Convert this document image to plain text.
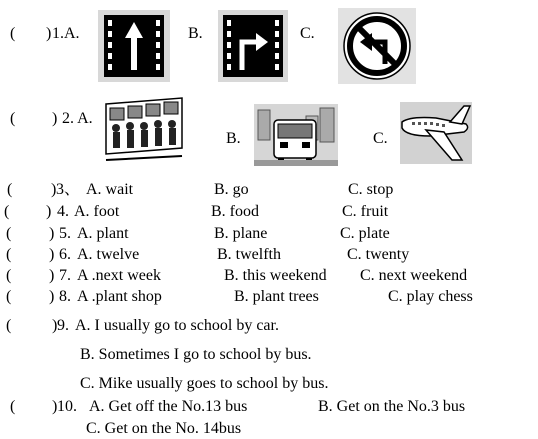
( ) 1.A.	B.	C.
( ) 2. A.
B.	C.
( ) 3、 A. wait	B. go	C. stop
( ) 4. A. foot	B. food	C. fruit
( ) 5. A. plant	B. plane	C. plate
( ) 6. A. twelve	B. twelfth	C. twenty
( ) 7. A .next week	B. this weekend C. next weekend
( ) 8. A .plant shop	B. plant trees	C. play chess
(	) 9. A. I usually go to school by car.
B. Sometimes I go to school by bus.
C. Mike usually goes to school by bus.
( ) 10. A. Get off the No.13 bus	B. Get on the No.3 bus
C. Get on the No. 14bus
